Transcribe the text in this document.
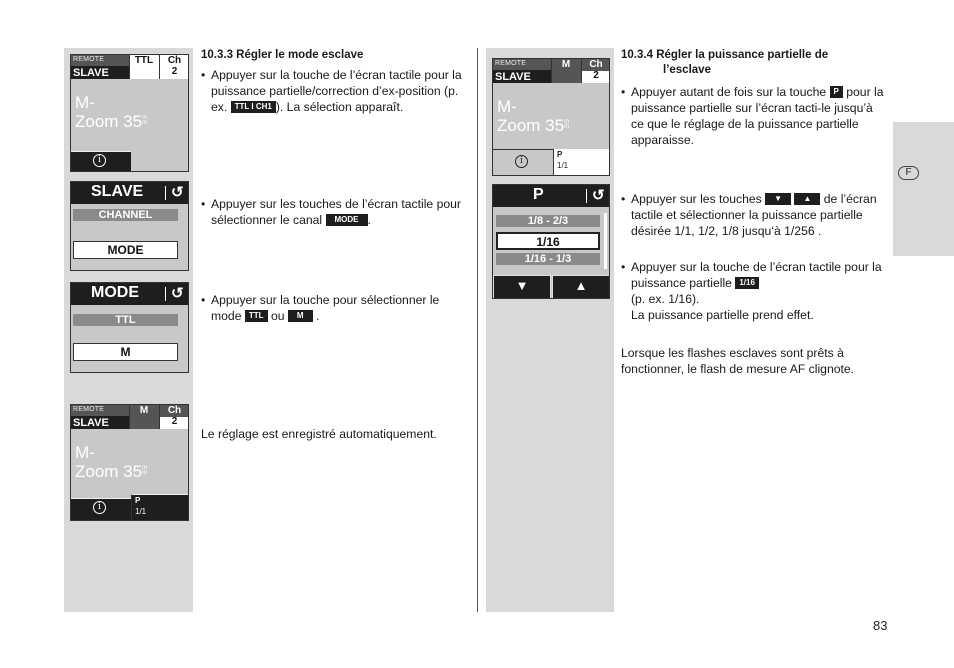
REMOTE
SLAVE
TTL	Ch
2
M-
Zoom 35m
m
i
SLAVE ↺
CHANNEL
MODE
MODE ↺
TTL
M
REMOTE
SLAVE
M	Ch
2
M-
Zoom 35m
m
i
P
1/1
10.3.3 Régler le mode esclave
• Appuyer sur la touche de l’écran tactile pour la puissance partielle/correction d’ex-position (p. ex. TTL I CH1 ). La sélection apparaît.
• Appuyer sur les touches de l’écran tactile pour sélectionner le canal MODE .
• Appuyer sur la touche pour sélectionner le mode TTL ou M .
Le réglage est enregistré automatiquement.
REMOTE
SLAVE
M	Ch
2
M-
Zoom 35m
m
i
P
1/1
P	↺
1/8 - 2/3
1/16
1/16 - 1/3
▼	▲
10.3.4 Régler la puissance partielle de
l’esclave
• Appuyer autant de fois sur la touche P pour la puissance partielle sur l’écran tacti-le jusqu’à ce que le réglage de la puissance partielle apparaisse.
• Appuyer sur les touches ▼	▲ de l’écran tactile et sélectionner la puissance partielle désirée 1/1, 1/2, 1/8 jusqu‘à 1/256 .
• Appuyer sur la touche de l’écran tactile pour la puissance partielle 1/16
(p. ex. 1/16).
La puissance partielle prend effet.
Lorsque les flashes esclaves sont prêts à fonctionner, le flash de mesure AF clignote.
F
83
